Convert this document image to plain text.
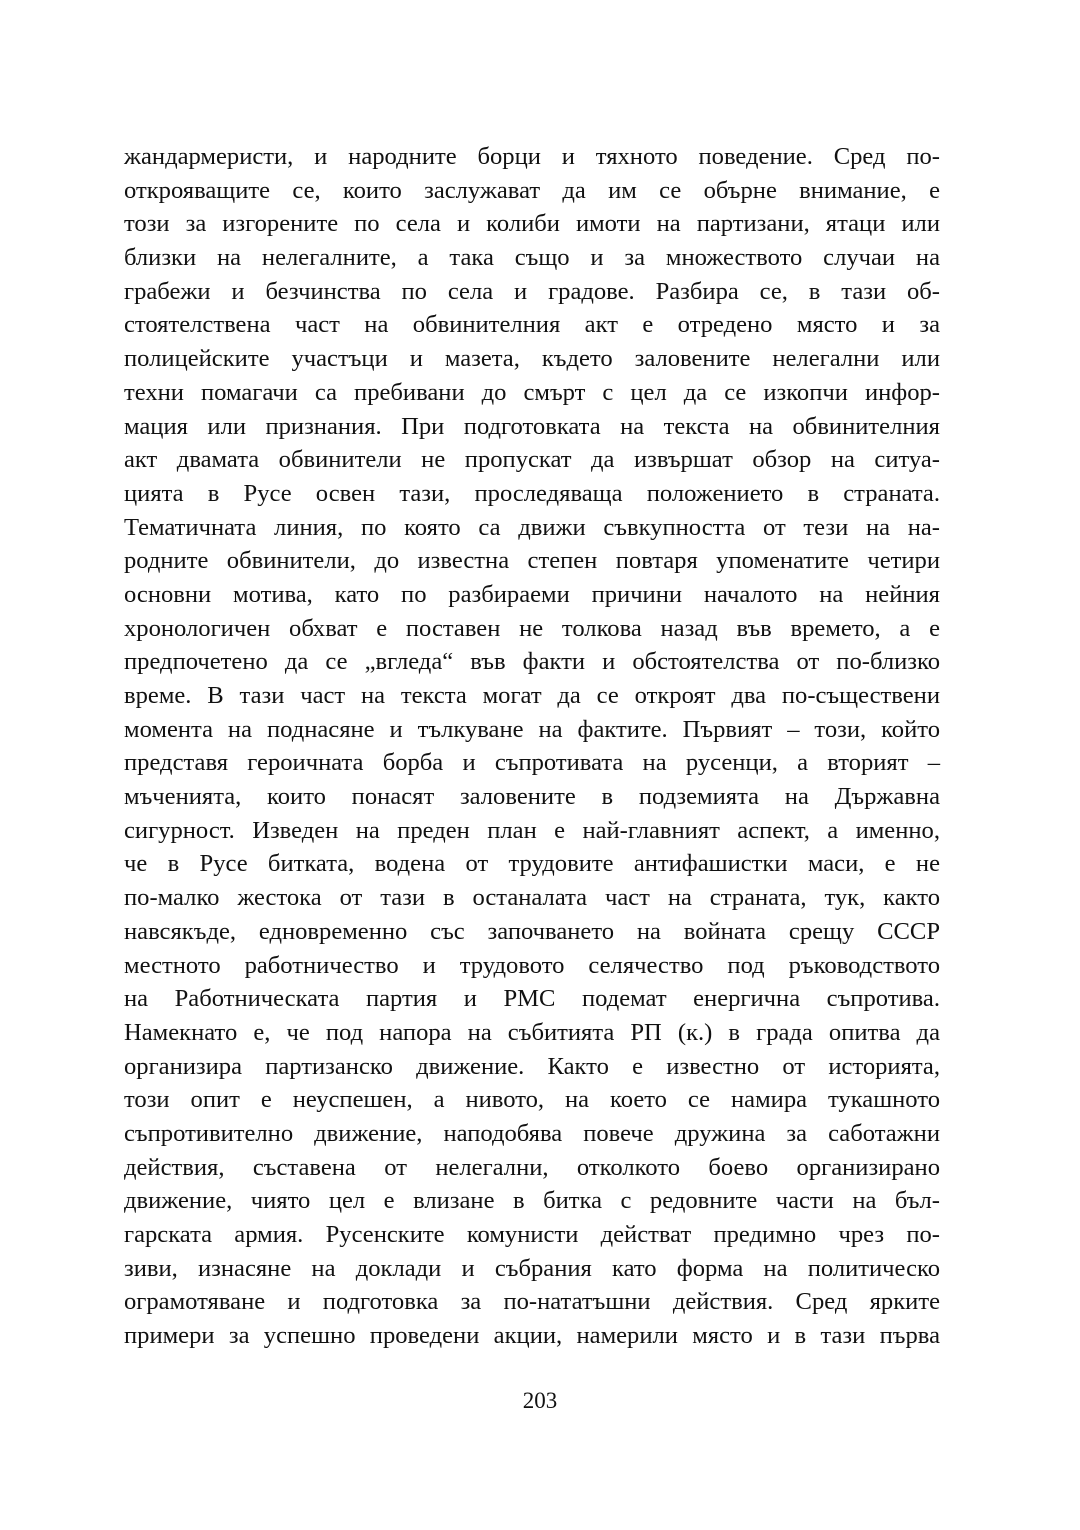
жандармеристи, и народните борци и тяхното поведение. Сред по-
открояващите се, които заслужават да им се обърне внимание, е
този за изгорените по села и колиби имоти на партизани, ятаци или
близки на нелегалните, а така също и за множеството случаи на
грабежи и безчинства по села и градове. Разбира се, в тази об-
стоятелствена част на обвинителния акт е отредено място и за
полицейските участъци и мазета, където заловените нелегални или
техни помагачи са пребивани до смърт с цел да се изкопчи инфор-
мация или признания. При подготовката на текста на обвинителния
акт двамата обвинители не пропускат да извършат обзор на ситуа-
цията в Русе освен тази, проследяваща положението в страната.
Тематичната линия, по която са движи съвкупността от тези на на-
родните обвинители, до известна степен повтаря упоменатите четири
основни мотива, като по разбираеми причини началото на нейния
хронологичен обхват е поставен не толкова назад във времето, а е
предпочетено да се „вгледа“ във факти и обстоятелства от по-близко
време. В тази част на текста могат да се откроят два по-съществени
момента на поднасяне и тълкуване на фактите. Първият – този, който
представя героичната борба и съпротивата на русенци, а вторият –
мъченията, които понасят заловените в подземията на Държавна
сигурност. Изведен на преден план е най-главният аспект, а именно,
че в Русе битката, водена от трудовите антифашистки маси, е не
по-малко жестока от тази в останалата част на страната, тук, както
навсякъде, едновременно със започването на войната срещу СССР
местното работничество и трудовото селячество под ръководството
на Работническата партия и РМС подемат енергична съпротива.
Намекнато е, че под напора на събитията РП (к.) в града опитва да
организира партизанско движение. Както е известно от историята,
този опит е неуспешен, а нивото, на което се намира тукашното
съпротивително движение, наподобява повече дружина за саботажни
действия, съставена от нелегални, отколкото боево организирано
движение, чиято цел е влизане в битка с редовните части на бъл-
гарската армия. Русенските комунисти действат предимно чрез по-
зиви, изнасяне на доклади и събрания като форма на политическо
ограмотяване и подготовка за по-нататъшни действия. Сред ярките
примери за успешно проведени акции, намерили място и в тази първа
203
